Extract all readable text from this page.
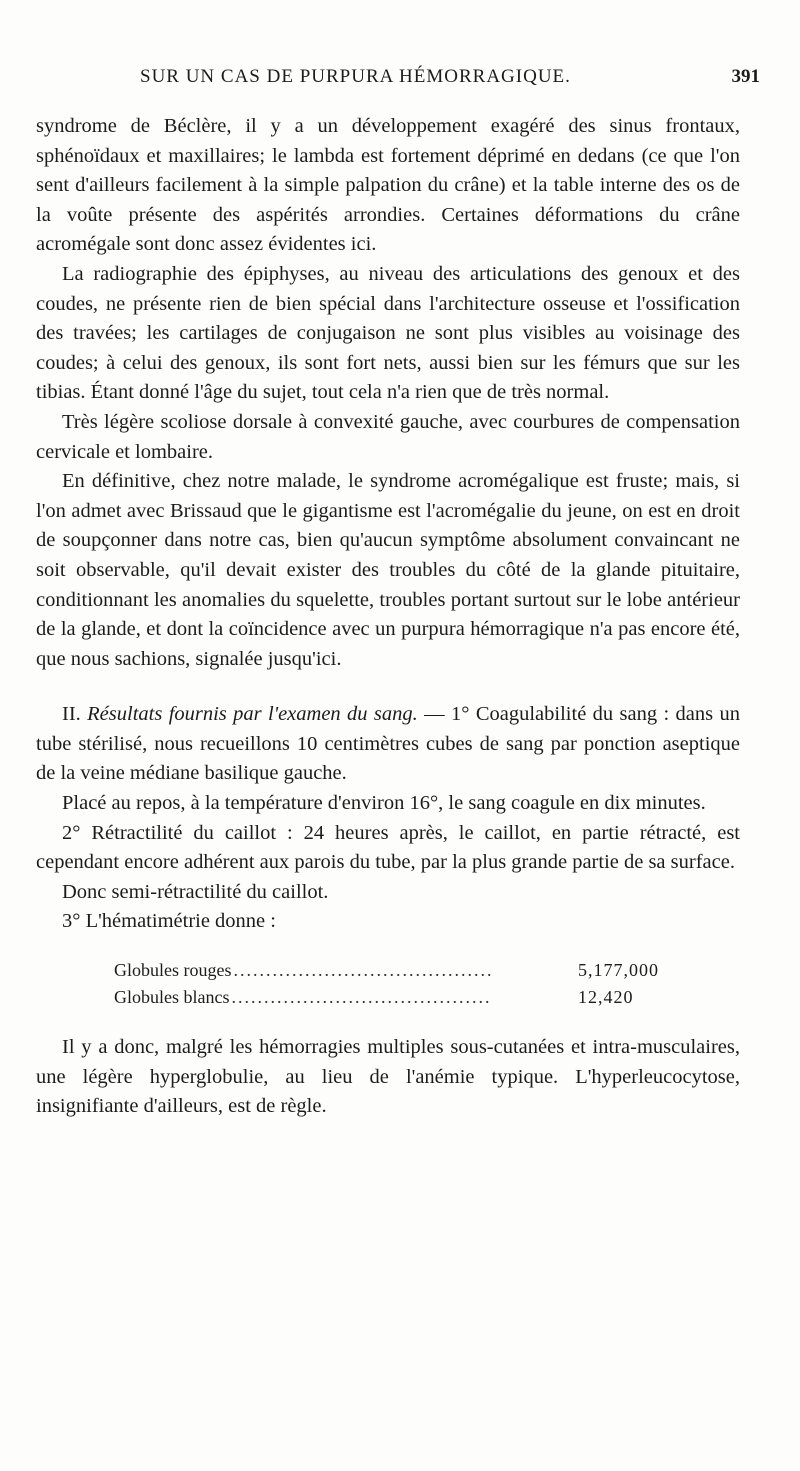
SUR UN CAS DE PURPURA HÉMORRAGIQUE.	391

syndrome de Béclère, il y a un développement exagéré des sinus frontaux, sphénoïdaux et maxillaires; le lambda est fortement déprimé en dedans (ce que l'on sent d'ailleurs facilement à la simple palpation du crâne) et la table interne des os de la voûte présente des aspérités arrondies. Certaines déformations du crâne acromégale sont donc assez évidentes ici.

La radiographie des épiphyses, au niveau des articulations des genoux et des coudes, ne présente rien de bien spécial dans l'architecture osseuse et l'ossification des travées; les cartilages de conjugaison ne sont plus visibles au voisinage des coudes; à celui des genoux, ils sont fort nets, aussi bien sur les fémurs que sur les tibias. Étant donné l'âge du sujet, tout cela n'a rien que de très normal.

Très légère scoliose dorsale à convexité gauche, avec courbures de compensation cervicale et lombaire.

En définitive, chez notre malade, le syndrome acromégalique est fruste; mais, si l'on admet avec Brissaud que le gigantisme est l'acromégalie du jeune, on est en droit de soupçonner dans notre cas, bien qu'aucun symptôme absolument convaincant ne soit observable, qu'il devait exister des troubles du côté de la glande pituitaire, conditionnant les anomalies du squelette, troubles portant surtout sur le lobe antérieur de la glande, et dont la coïncidence avec un purpura hémorragique n'a pas encore été, que nous sachions, signalée jusqu'ici.

II. Résultats fournis par l'examen du sang. — 1° Coagulabilité du sang : dans un tube stérilisé, nous recueillons 10 centimètres cubes de sang par ponction aseptique de la veine médiane basilique gauche.

Placé au repos, à la température d'environ 16°, le sang coagule en dix minutes.

2° Rétractilité du caillot : 24 heures après, le caillot, en partie rétracté, est cependant encore adhérent aux parois du tube, par la plus grande partie de sa surface.

Donc semi-rétractilité du caillot.

3° L'hématimétrie donne :

Globules rouges ........................................	5,177,000
Globules blancs ........................................	12,420

Il y a donc, malgré les hémorragies multiples sous-cutanées et intra-musculaires, une légère hyperglobulie, au lieu de l'anémie typique. L'hyperleucocytose, insignifiante d'ailleurs, est de règle.
